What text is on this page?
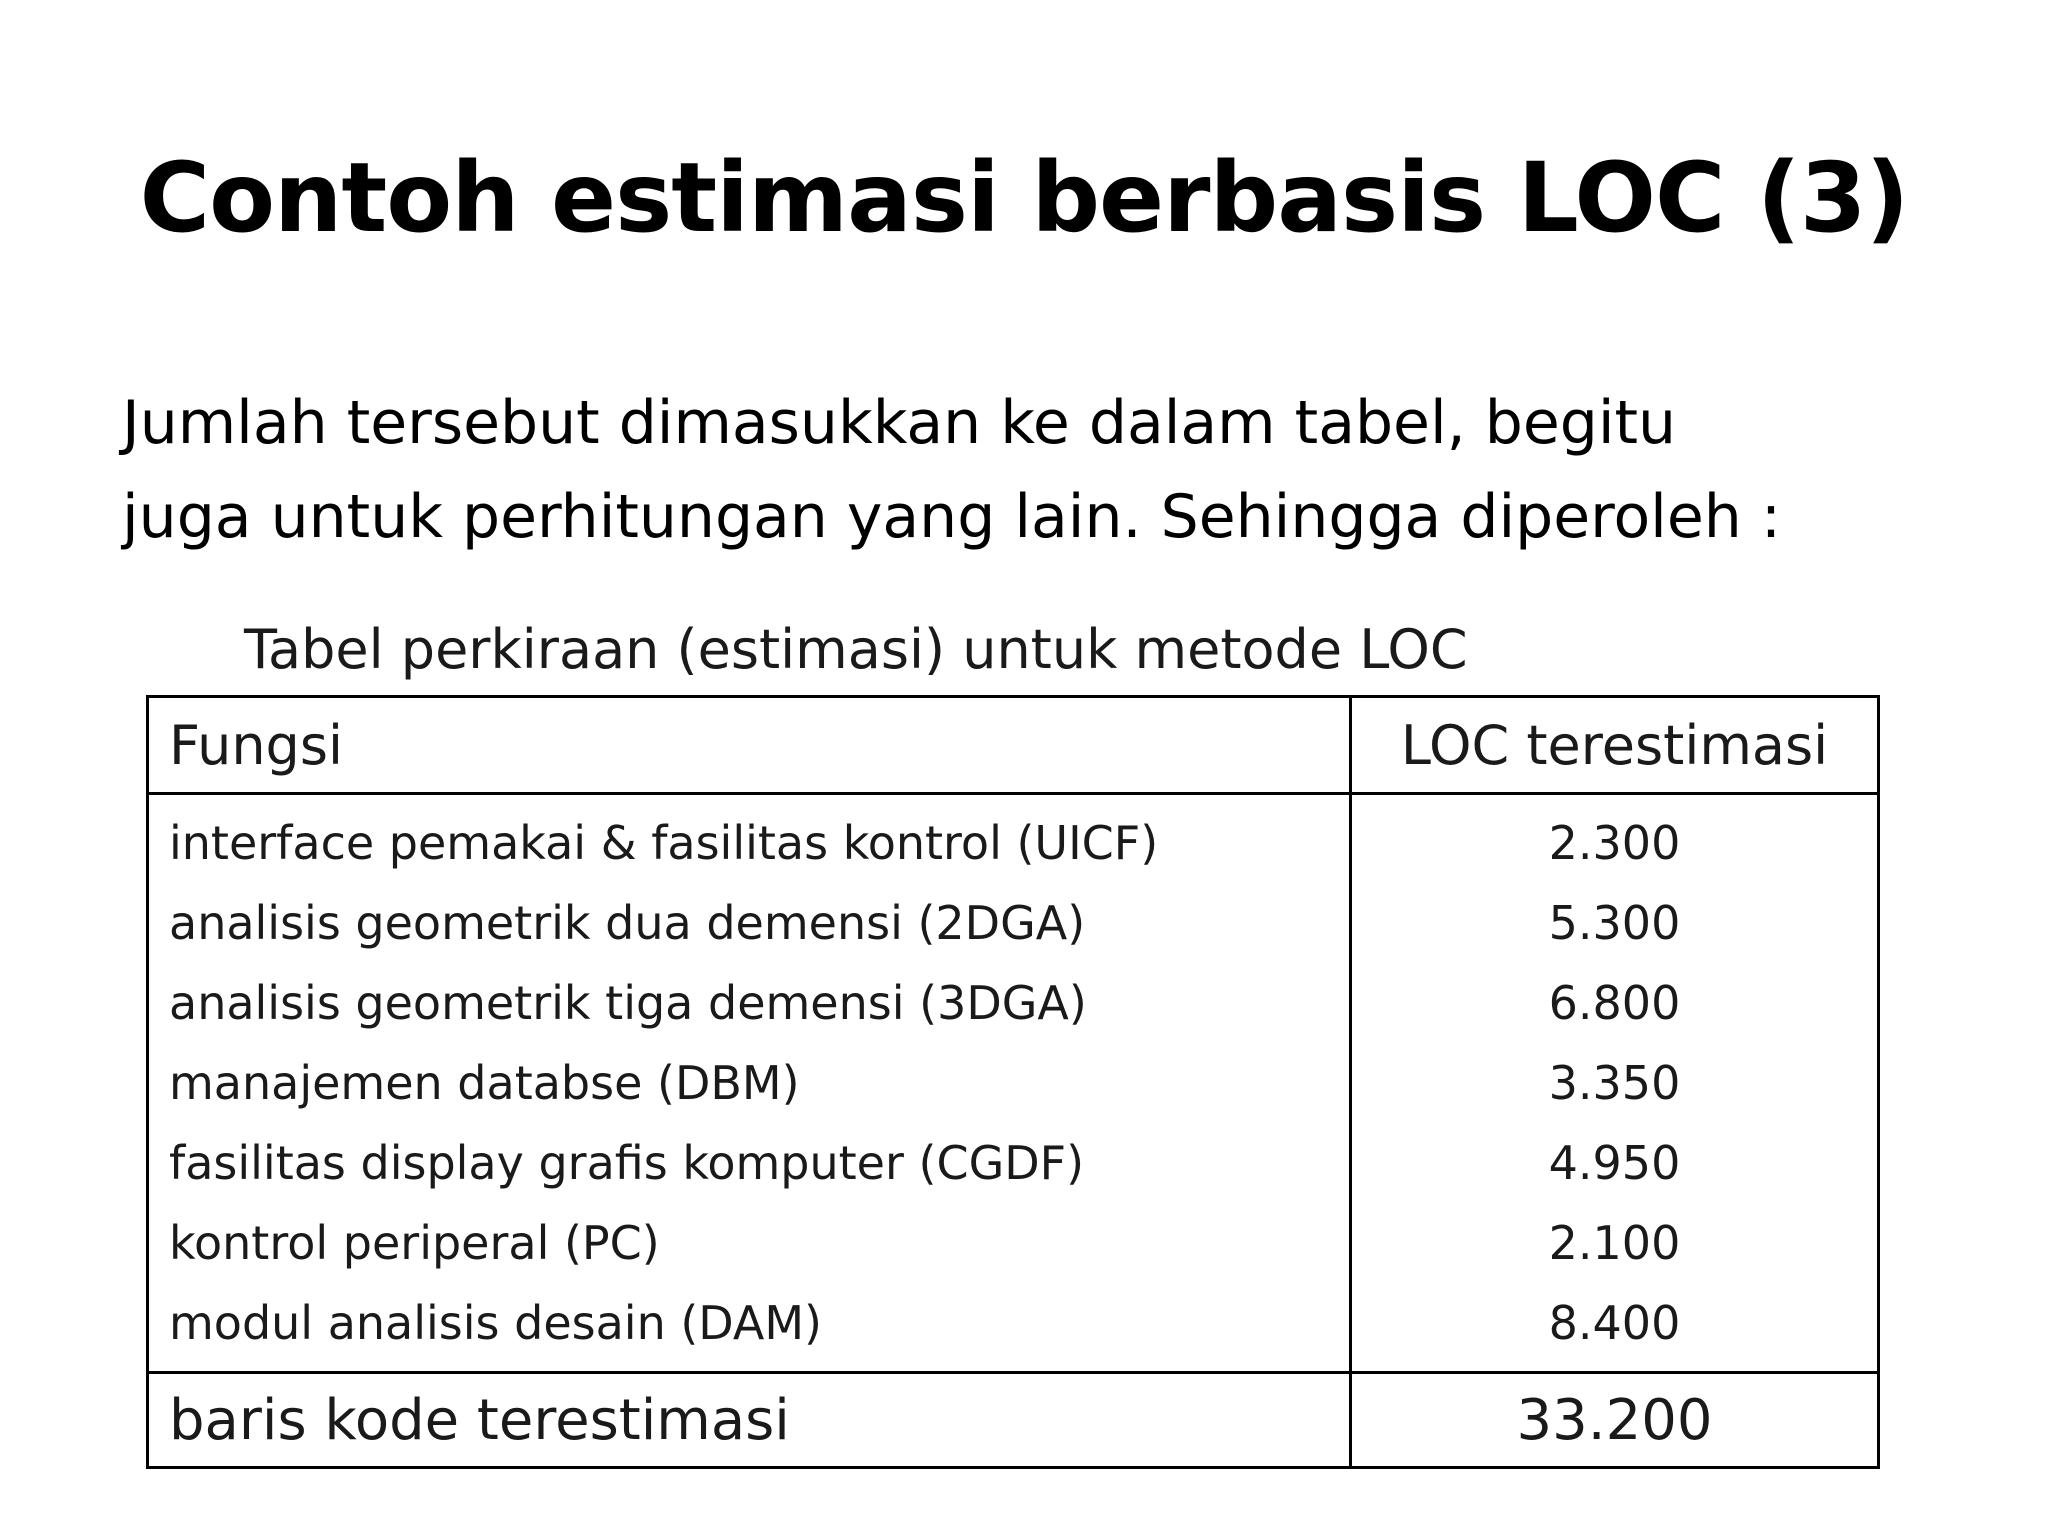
Contoh estimasi berbasis LOC (3)
Jumlah tersebut dimasukkan ke dalam tabel, begitu
juga untuk perhitungan yang lain. Sehingga diperoleh :
Tabel perkiraan (estimasi) untuk metode LOC
Fungsi	LOC terestimasi
interface pemakai & fasilitas kontrol (UICF)	2.300
analisis geometrik dua demensi (2DGA)	5.300
analisis geometrik tiga demensi (3DGA)	6.800
manajemen databse (DBM)	3.350
fasilitas display grafis komputer (CGDF)	4.950
kontrol periperal (PC)	2.100
modul analisis desain (DAM)	8.400
baris kode terestimasi	33.200
